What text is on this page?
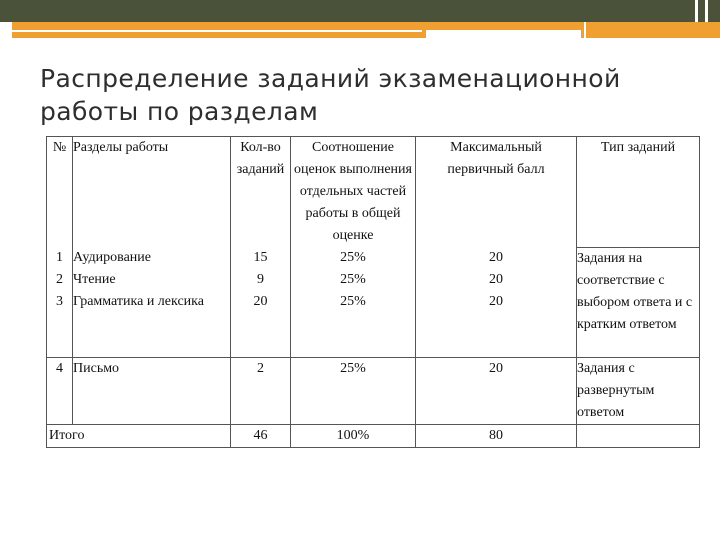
Распределение заданий экзаменационной
работы по разделам
№	Разделы работы	Кол-во заданий	Соотношение оценок выполнения отдельных частей работы в общей оценке	Максимальный первичный балл	Тип заданий
1	Аудирование	15	25%	20	Задания на соответствие с выбором ответа и с кратким ответом
2	Чтение	9	25%	20	
3	Грамматика и лексика	20	25%	20	
4	Письмо	2	25%	20	Задания с развернутым ответом
Итого		46	100%	80	
